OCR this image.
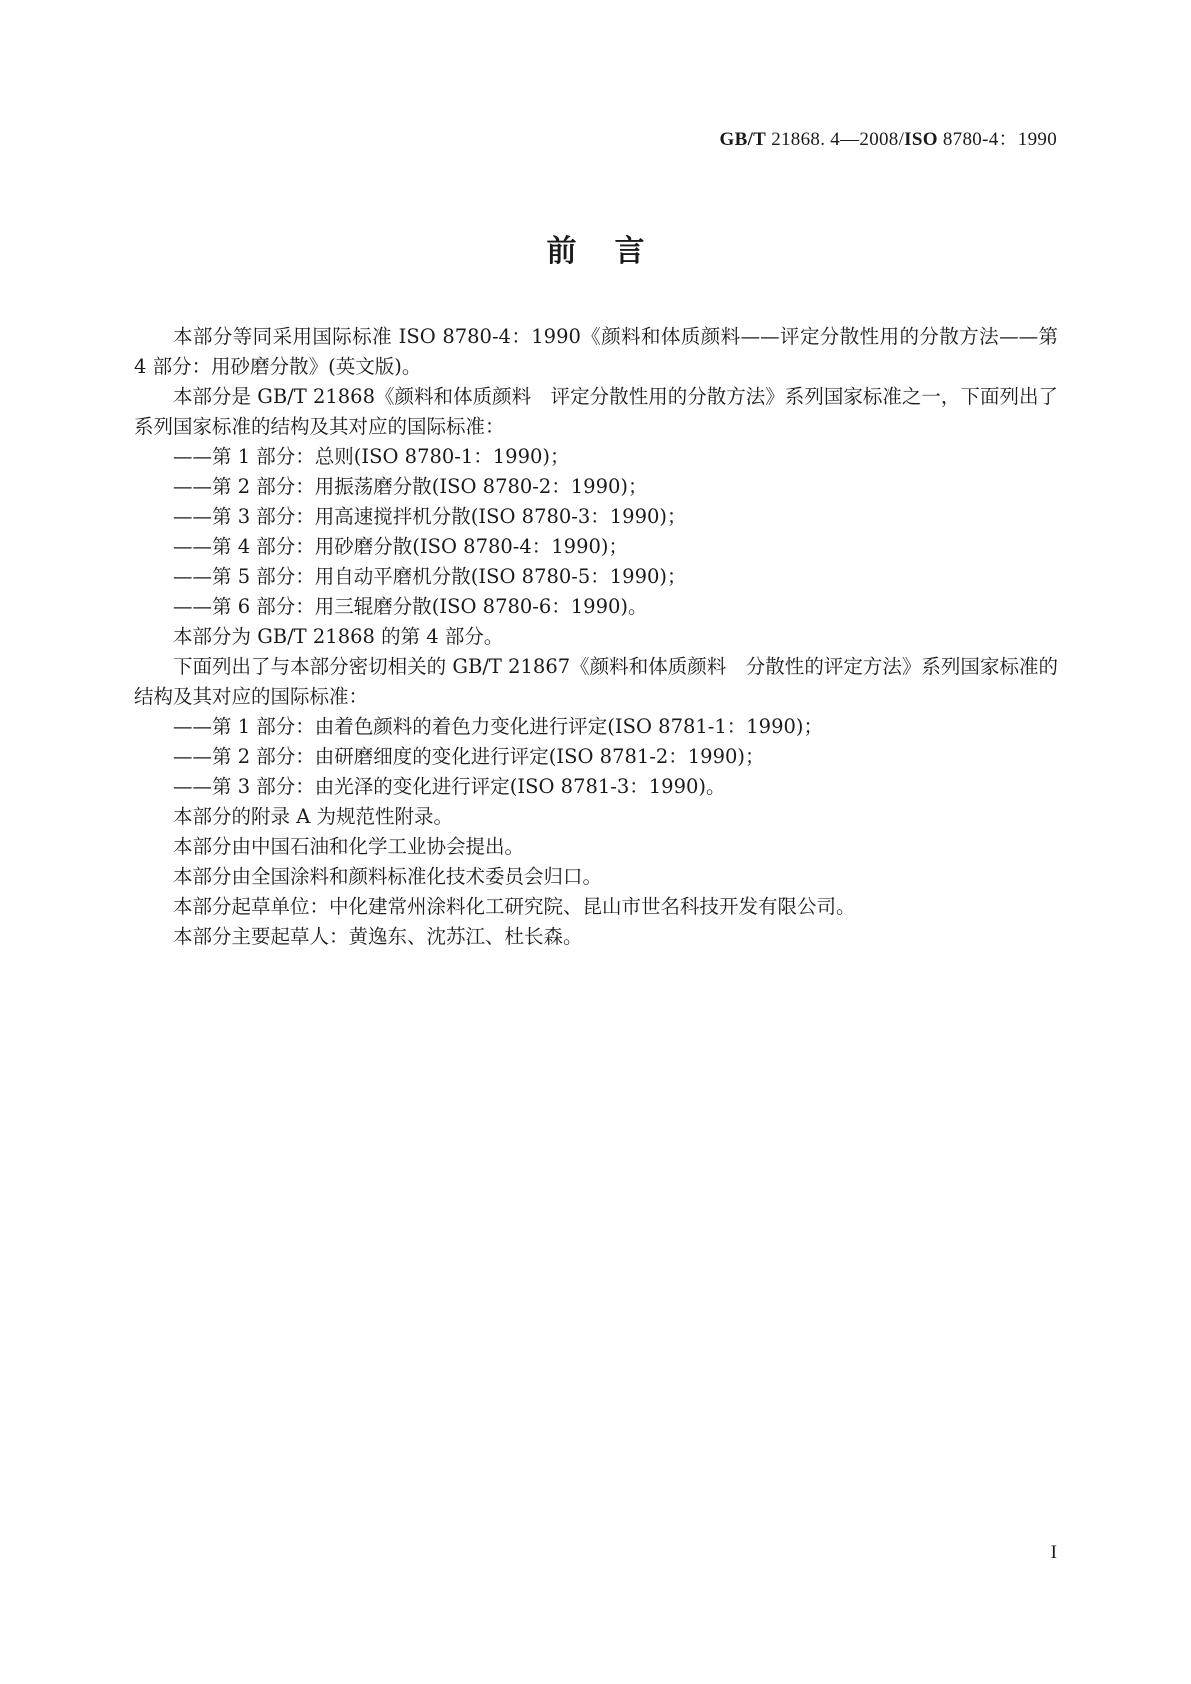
GB/T 21868. 4—2008/ISO 8780-4：1990
前言

本部分等同采用国际标准 ISO 8780-4：1990《颜料和体质颜料——评定分散性用的分散方法——第 4 部分：用砂磨分散》(英文版)。

本部分是 GB/T 21868《颜料和体质颜料　评定分散性用的分散方法》系列国家标准之一，下面列出了系列国家标准的结构及其对应的国际标准：

——第 1 部分：总则(ISO 8780-1：1990)；

——第 2 部分：用振荡磨分散(ISO 8780-2：1990)；

——第 3 部分：用高速搅拌机分散(ISO 8780-3：1990)；

——第 4 部分：用砂磨分散(ISO 8780-4：1990)；

——第 5 部分：用自动平磨机分散(ISO 8780-5：1990)；

——第 6 部分：用三辊磨分散(ISO 8780-6：1990)。

本部分为 GB/T 21868 的第 4 部分。

下面列出了与本部分密切相关的 GB/T 21867《颜料和体质颜料　分散性的评定方法》系列国家标准的结构及其对应的国际标准：

——第 1 部分：由着色颜料的着色力变化进行评定(ISO 8781-1：1990)；

——第 2 部分：由研磨细度的变化进行评定(ISO 8781-2：1990)；

——第 3 部分：由光泽的变化进行评定(ISO 8781-3：1990)。

本部分的附录 A 为规范性附录。

本部分由中国石油和化学工业协会提出。

本部分由全国涂料和颜料标准化技术委员会归口。

本部分起草单位：中化建常州涂料化工研究院、昆山市世名科技开发有限公司。

本部分主要起草人：黄逸东、沈苏江、杜长森。

I
